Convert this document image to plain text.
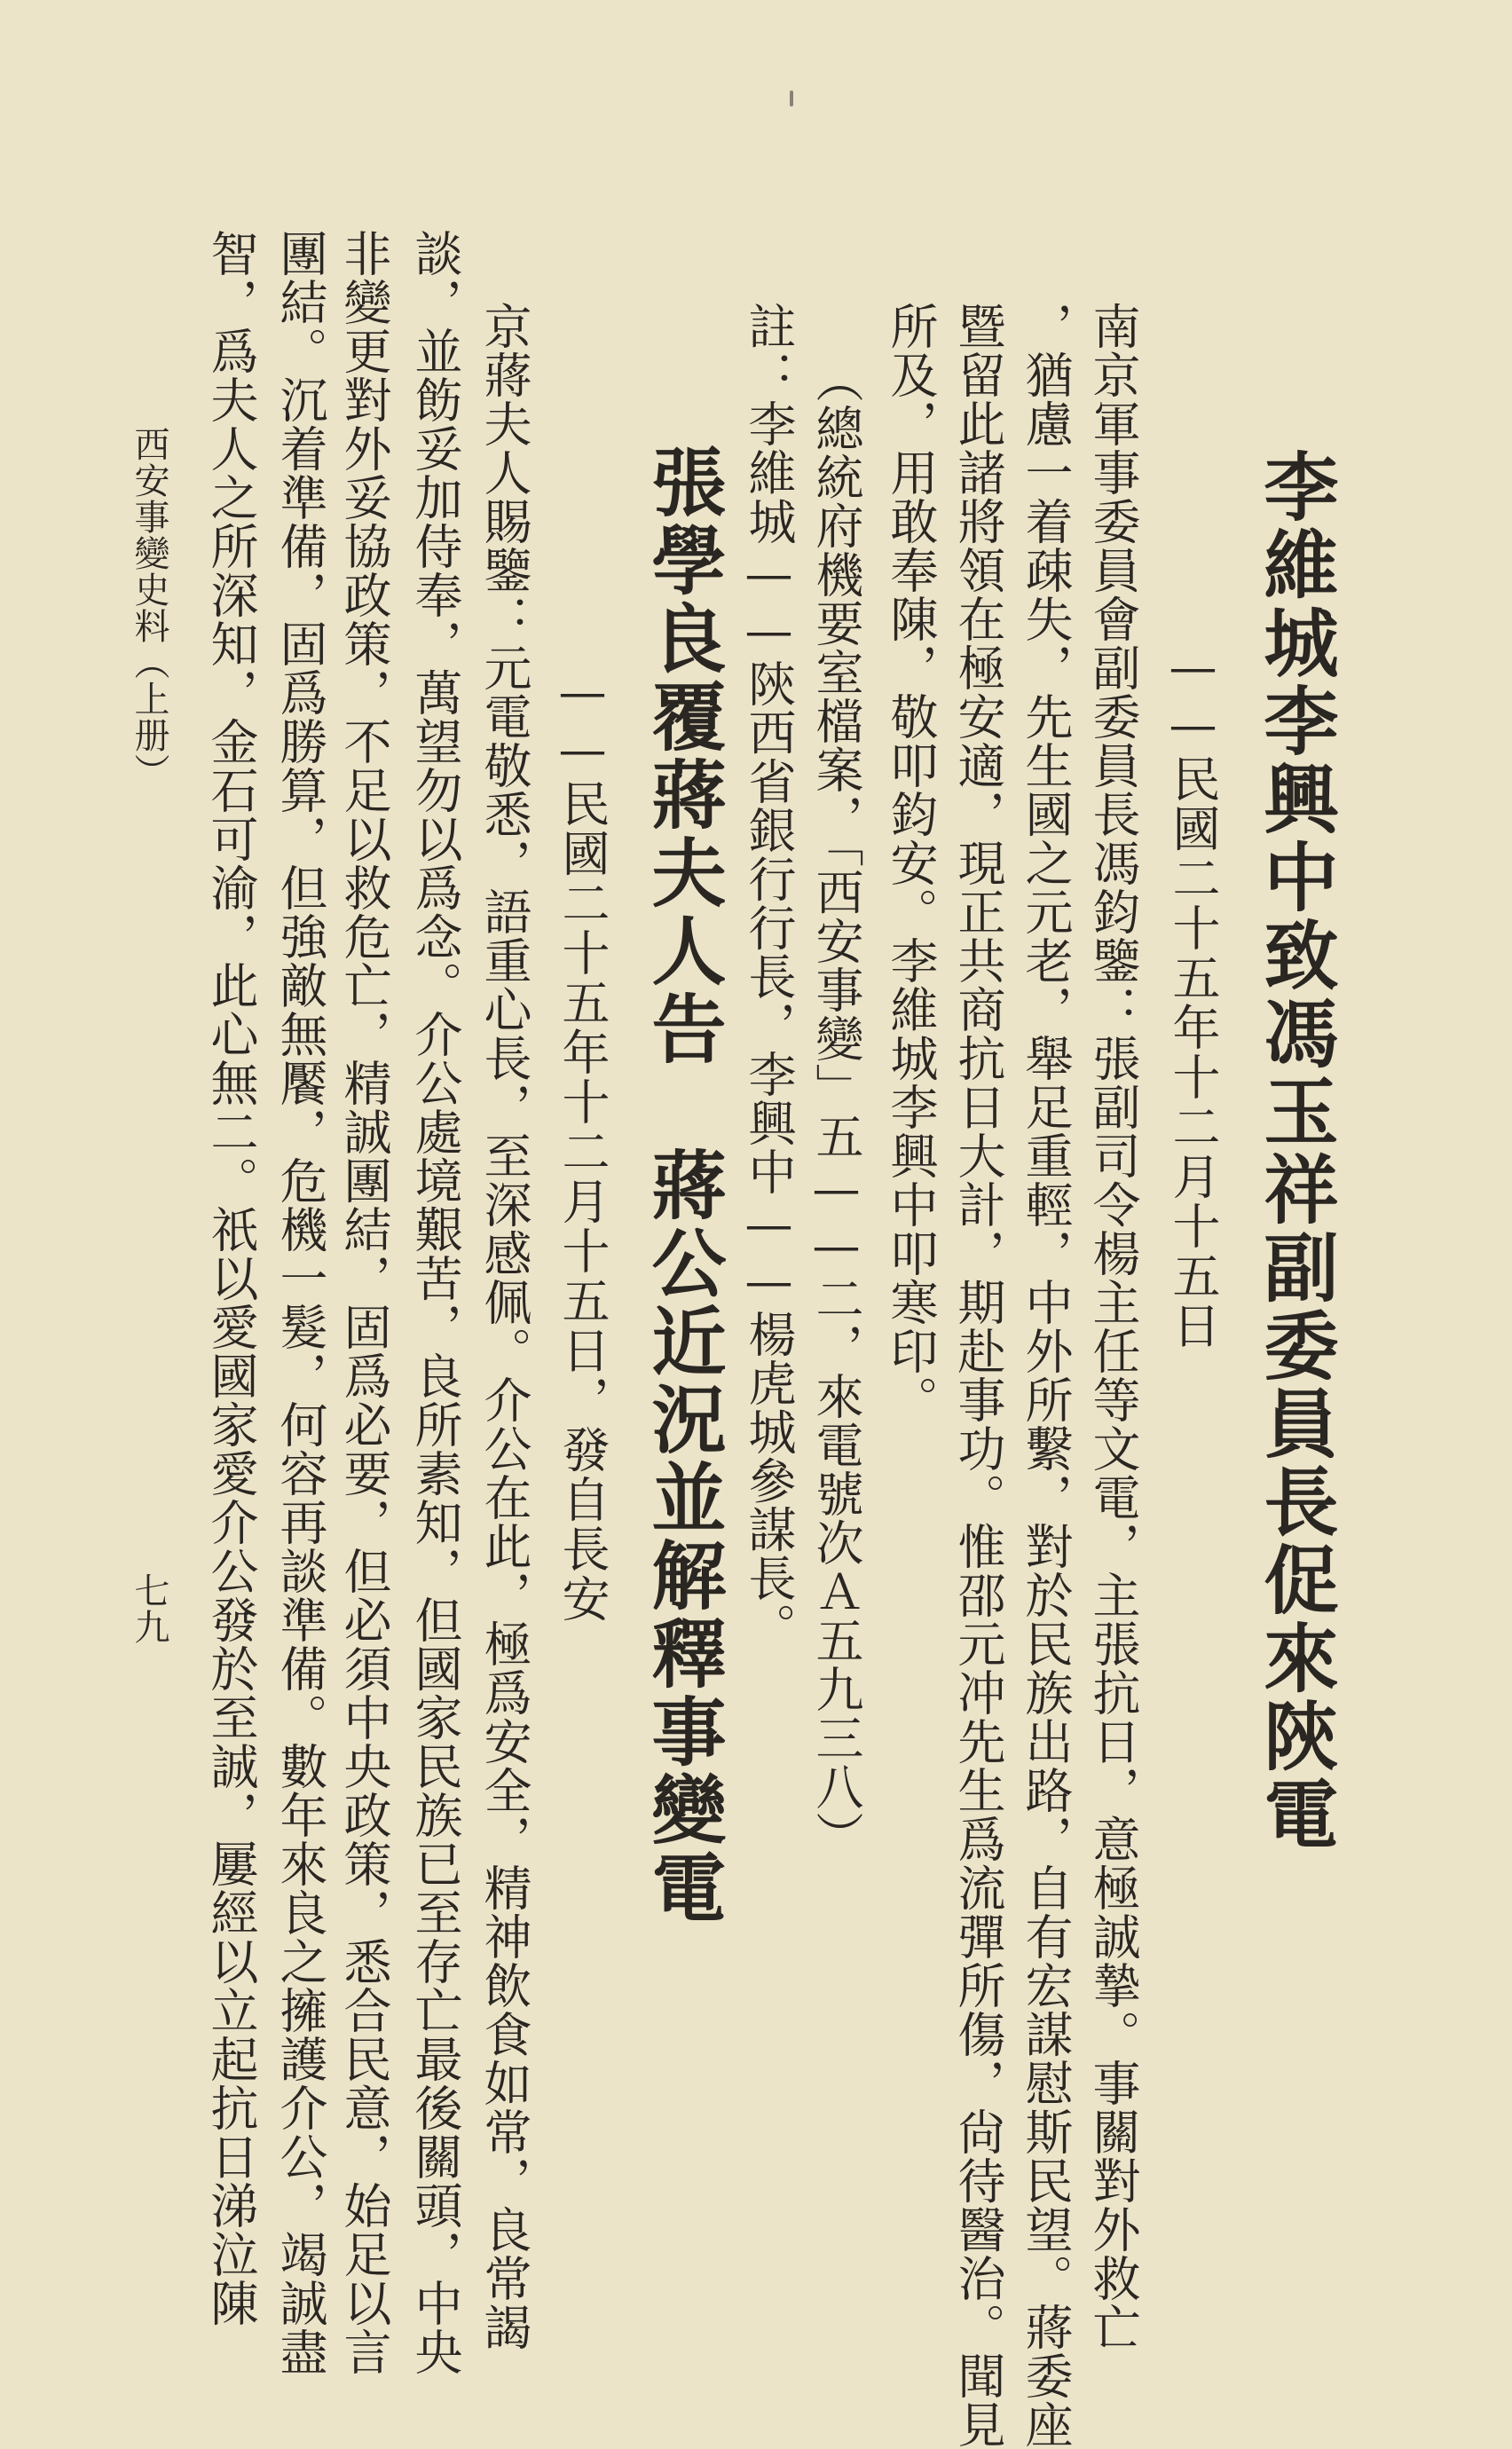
李維城李興中致馮玉祥副委員長促來陝電

——民國二十五年十二月十五日

南京軍事委員會副委員長馮鈞鑒：張副司令楊主任等文電，主張抗日，意極誠摯。事關對外救亡

，猶慮一着疎失，先生國之元老，舉足重輕，中外所繫，對於民族出路，自有宏謀慰斯民望。蔣委座

暨留此諸將領在極安適，現正共商抗日大計，期赴事功。惟邵元冲先生爲流彈所傷，尙待醫治。聞見

所及，用敢奉陳，敬叩鈞安。李維城李興中叩寒印。

（總統府機要室檔案，「西安事變」五——二，來電號次Ａ五九三八）

註：李維城——陝西省銀行行長，李興中——楊虎城參謀長。

張學良覆蔣夫人告　蔣公近況並解釋事變電

——民國二十五年十二月十五日，發自長安

京蔣夫人賜鑒：元電敬悉，語重心長，至深感佩。介公在此，極爲安全，精神飲食如常，良常謁

談，並飭妥加侍奉，萬望勿以爲念。介公處境艱苦，良所素知，但國家民族已至存亡最後關頭，中央

非變更對外妥協政策，不足以救危亡，精誠團結，固爲必要，但必須中央政策，悉合民意，始足以言

團結。沉着準備，固爲勝算，但強敵無饜，危機一髮，何容再談準備。數年來良之擁護介公，竭誠盡

智，爲夫人之所深知，金石可渝，此心無二。祇以愛國家愛介公發於至誠，屢經以立起抗日涕泣陳

西安事變史料（上册）

七九
